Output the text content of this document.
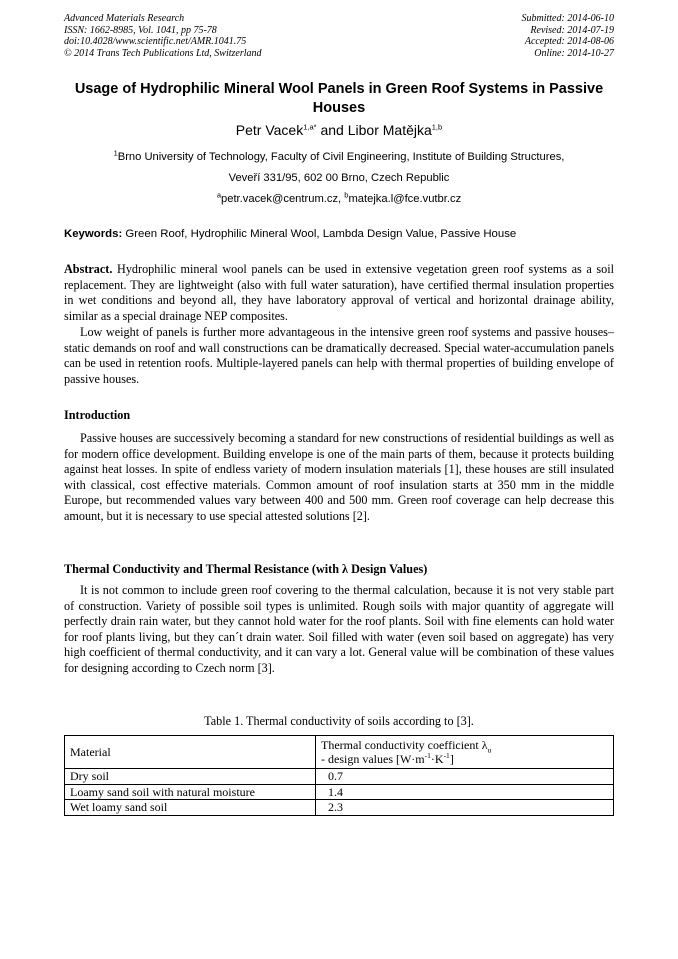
Advanced Materials Research
ISSN: 1662-8985, Vol. 1041, pp 75-78
doi:10.4028/www.scientific.net/AMR.1041.75
© 2014 Trans Tech Publications Ltd, Switzerland
Submitted: 2014-06-10
Revised: 2014-07-19
Accepted: 2014-08-06
Online: 2014-10-27
Usage of Hydrophilic Mineral Wool Panels in Green Roof Systems in Passive Houses
Petr Vacek$^{1,a*}$ and Libor Matějka$^{1,b}$
$^1$Brno University of Technology, Faculty of Civil Engineering, Institute of Building Structures,
Veveří 331/95, 602 00 Brno, Czech Republic
$^a$petr.vacek@centrum.cz, $^b$matejka.l@fce.vutbr.cz
Keywords: Green Roof, Hydrophilic Mineral Wool, Lambda Design Value, Passive House

Abstract. Hydrophilic mineral wool panels can be used in extensive vegetation green roof systems as a soil replacement. They are lightweight (also with full water saturation), have certified thermal insulation properties in wet conditions and beyond all, they have laboratory approval of vertical and horizontal drainage ability, similar as a special drainage NEP composites.

Low weight of panels is further more advantageous in the intensive green roof systems and passive houses– static demands on roof and wall constructions can be dramatically decreased. Special water-accumulation panels can be used in retention roofs. Multiple-layered panels can help with thermal properties of building envelope of passive houses.

Introduction

Passive houses are successively becoming a standard for new constructions of residential buildings as well as for modern office development. Building envelope is one of the main parts of them, because it protects building against heat losses. In spite of endless variety of modern insulation materials [1], these houses are still insulated with classical, cost effective materials. Common amount of roof insulation starts at 350 mm in the middle Europe, but recommended values vary between 400 and 500 mm. Green roof coverage can help decrease this amount, but it is necessary to use special attested solutions [2].

Thermal Conductivity and Thermal Resistance (with λ Design Values)

It is not common to include green roof covering to the thermal calculation, because it is not very stable part of construction. Variety of possible soil types is unlimited. Rough soils with major quantity of aggregate will perfectly drain rain water, but they cannot hold water for the roof plants. Soil with fine elements can hold water for roof plants living, but they can´t drain water. Soil filled with water (even soil based on aggregate) has very high coefficient of thermal conductivity, and it can vary a lot. General value will be combination of these values for designing according to Czech norm [3].

Table 1. Thermal conductivity of soils according to [3].
Material	Thermal conductivity coefficient $\lambda_u$
- design values $[W\cdot m^{-1}\cdot K^{-1}]$

Dry soil	0.7
Loamy sand soil with natural moisture	1.4
Wet loamy sand soil	2.3
